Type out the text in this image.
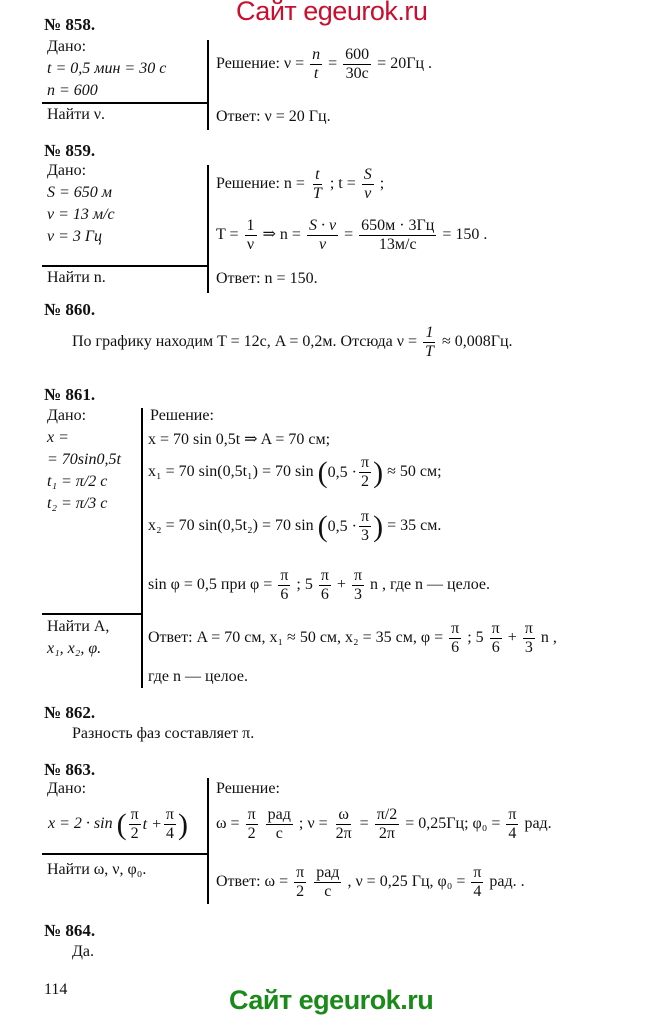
Сайт egeurok.ru
№ 858.
Дано:
t = 0,5 мин = 30 с
n = 600
Найти ν.
Решение: $\nu = \frac{n}{t}$ =
600
30с
= 20Гц .
Ответ: ν = 20 Гц.
№ 859.
Дано:
S = 650 м
v = 13 м/с
ν = 3 Гц
Найти n.
Решение: $n = \frac{t}{T}$ ; $t = \frac{S}{v}$ ;
$T = \frac{1}{\nu}$ ⇒ $n = \frac{S \cdot \nu}{v}$ =
650м · 3Гц
13м/с
= 150 .
Ответ: n = 150.
№ 860.
По графику находим T = 12с, A = 0,2м. Отсюда $\nu = \frac{1}{T} \approx 0,008Гц$.
№ 861.
Дано:
x =
= 70sin0,5t
t₁ = π/2 с
t₂ = π/3 с
Найти A,
x₁, x₂, φ.
Решение:
x = 70 sin 0,5t ⇒ A = 70 см;
x₁ = 70 sin(0,5t₁) = 70 sin ( 0,5 ·
π
2 ) ≈ 50 см;
x₂ = 70 sin(0,5t₂) = 70 sin ( 0,5 ·
π
3 ) = 35 см.
sin φ = 0,5 при $\varphi = \frac{\pi}{6}$ ; $5 \frac{\pi}{6} + \frac{\pi}{3}$ n , где n — целое.
Ответ: A = 70 см, x₁ ≈ 50 см, x₂ = 35 см, $\varphi = \frac{\pi}{6}$ ; $5 \frac{\pi}{6} + \frac{\pi}{3}$ n ,
где n — целое.
№ 862.
Разность фаз составляет π.
№ 863.
Дано:
x = 2 · sin ( π
2
$t + \frac{\pi}{4}$ )
Найти ω, ν, φ₀.
Решение:
$\omega = \frac{\pi}{2}$
рад
с
; $\nu = \frac{\omega}{2\pi} = \frac{\pi/2}{2\pi} = 0,25Гц$; $\varphi_0 = \frac{\pi}{4}$ рад.
Ответ: $\omega = \frac{\pi}{2}$
рад
с
, ν = 0,25 Гц, $\varphi_0 = \frac{\pi}{4}$ рад. .
№ 864.
Да.
114	Сайт egeurok.ru
